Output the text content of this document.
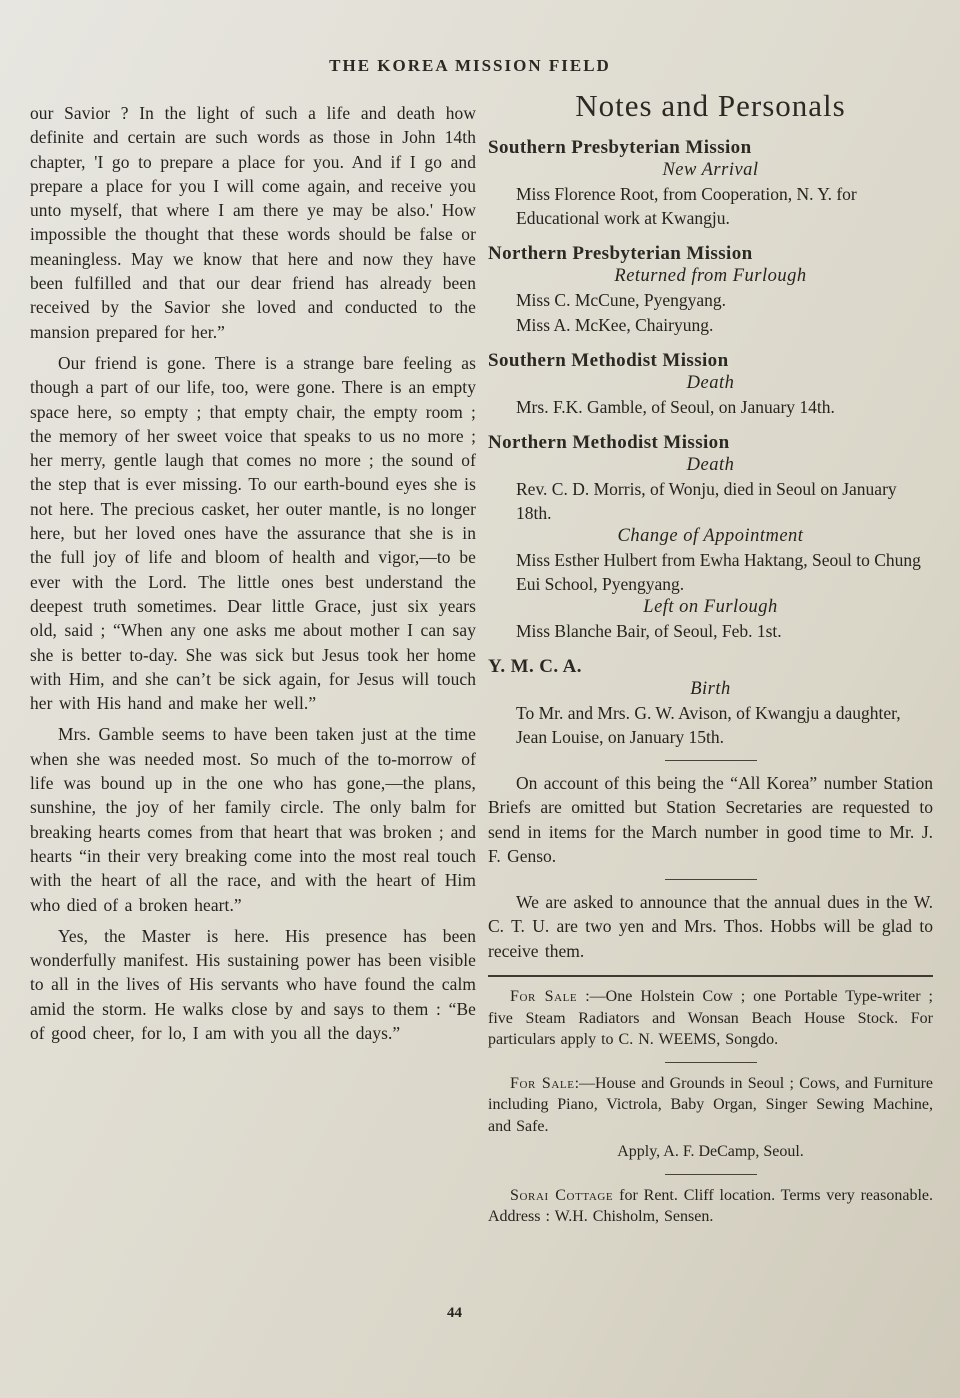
THE KOREA MISSION FIELD

our Savior ? In the light of such a life and death how definite and certain are such words as those in John 14th chapter, 'I go to prepare a place for you. And if I go and prepare a place for you I will come again, and receive you unto myself, that where I am there ye may be also.' How impossible the thought that these words should be false or meaningless. May we know that here and now they have been fulfilled and that our dear friend has already been received by the Savior she loved and conducted to the mansion prepared for her.”

Our friend is gone. There is a strange bare feeling as though a part of our life, too, were gone. There is an empty space here, so empty ; that empty chair, the empty room ; the memory of her sweet voice that speaks to us no more ; her merry, gentle laugh that comes no more ; the sound of the step that is ever missing. To our earth-bound eyes she is not here. The precious casket, her outer mantle, is no longer here, but her loved ones have the assurance that she is in the full joy of life and bloom of health and vigor,—to be ever with the Lord. The little ones best understand the deepest truth sometimes. Dear little Grace, just six years old, said ; “When any one asks me about mother I can say she is better to-day. She was sick but Jesus took her home with Him, and she can’t be sick again, for Jesus will touch her with His hand and make her well.”

Mrs. Gamble seems to have been taken just at the time when she was needed most. So much of the to-morrow of life was bound up in the one who has gone,—the plans, sunshine, the joy of her family circle. The only balm for breaking hearts comes from that heart that was broken ; and hearts “in their very breaking come into the most real touch with the heart of all the race, and with the heart of Him who died of a broken heart.”

Yes, the Master is here. His presence has been wonderfully manifest. His sustaining power has been visible to all in the lives of His servants who have found the calm amid the storm. He walks close by and says to them : “Be of good cheer, for lo, I am with you all the days.”

Notes and Personals
Southern Presbyterian Mission
New Arrival

Miss Florence Root, from Cooperation, N. Y. for Educational work at Kwangju.

Northern Presbyterian Mission
Returned from Furlough

Miss C. McCune, Pyengyang.

Miss A. McKee, Chairyung.

Southern Methodist Mission
Death

Mrs. F.K. Gamble, of Seoul, on January 14th.

Northern Methodist Mission
Death

Rev. C. D. Morris, of Wonju, died in Seoul on January 18th.

Change of Appointment

Miss Esther Hulbert from Ewha Haktang, Seoul to Chung Eui School, Pyengyang.

Left on Furlough

Miss Blanche Bair, of Seoul, Feb. 1st.

Y. M. C. A.
Birth

To Mr. and Mrs. G. W. Avison, of Kwangju a daughter, Jean Louise, on January 15th.

On account of this being the “All Korea” number Station Briefs are omitted but Station Secretaries are requested to send in items for the March number in good time to Mr. J. F. Genso.

We are asked to announce that the annual dues in the W. C. T. U. are two yen and Mrs. Thos. Hobbs will be glad to receive them.

For Sale :—One Holstein Cow ; one Portable Type-writer ; five Steam Radiators and Wonsan Beach House Stock. For particulars apply to C. N. WEEMS, Songdo.

For Sale:—House and Grounds in Seoul ; Cows, and Furniture including Piano, Victrola, Baby Organ, Singer Sewing Machine, and Safe.

Apply, A. F. DeCamp, Seoul.

Sorai Cottage for Rent. Cliff location. Terms very reasonable. Address : W.H. Chisholm, Sensen.

44
